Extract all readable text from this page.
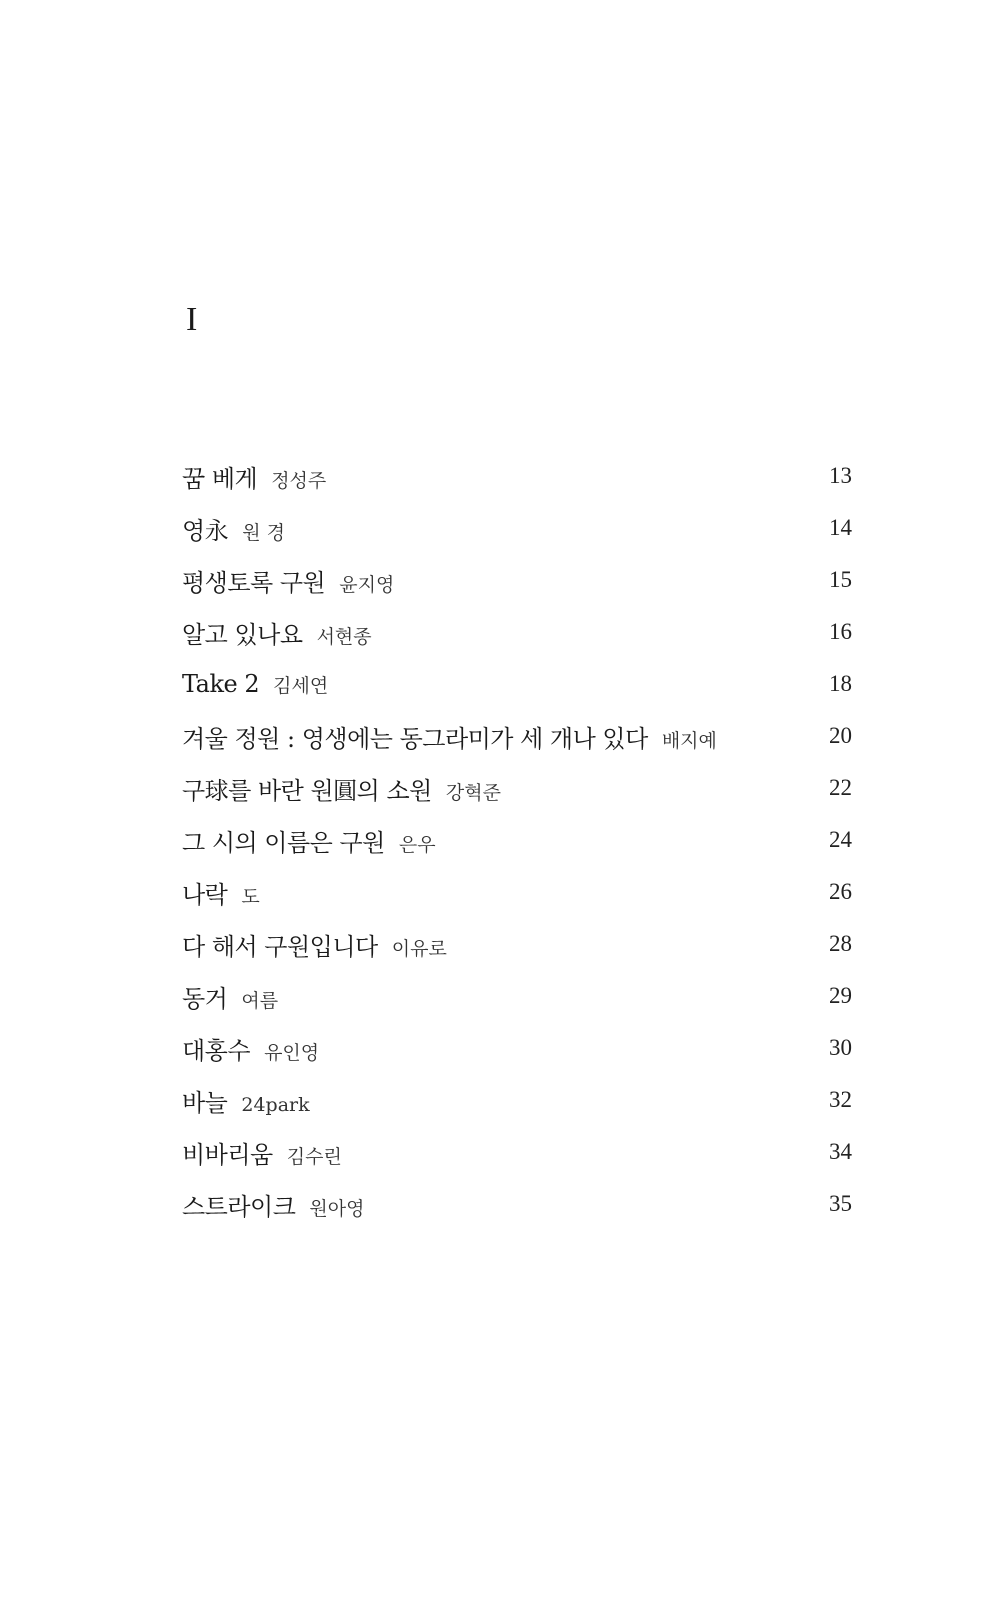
I
꿈 베게 정성주	13
영永 원 경	14
평생토록 구원 윤지영	15
알고 있나요 서현종	16
Take 2 김세연	18
겨울 정원 : 영생에는 동그라미가 세 개나 있다 배지예	20
구球를 바란 원圓의 소원 강혁준	22
그 시의 이름은 구원 은우	24
나락 도	26
다 해서 구원입니다 이유로	28
동거 여름	29
대홍수 유인영	30
바늘 24park	32
비바리움 김수린	34
스트라이크 원아영	35
